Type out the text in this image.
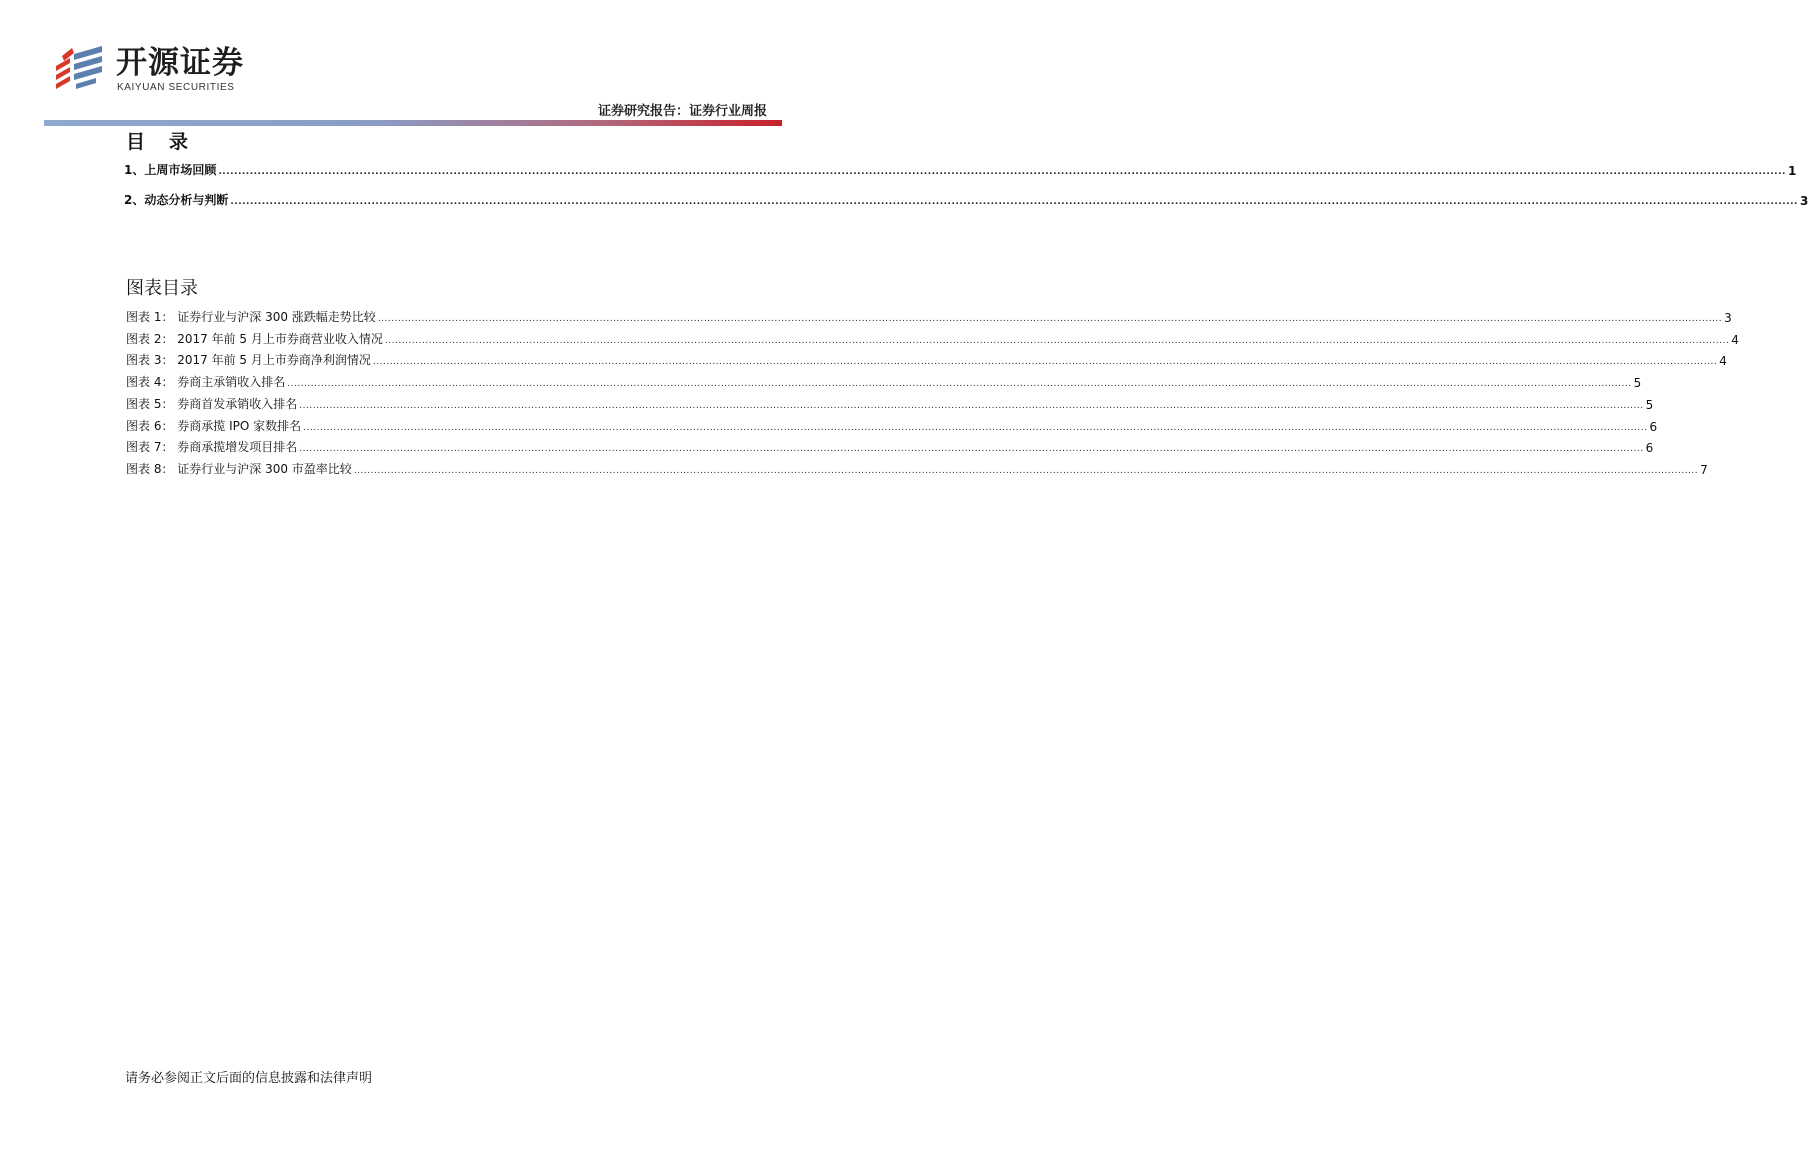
开源证券
KAIYUAN SECURITIES
证券研究报告：证券行业周报
目录
1、上周市场回顾 ................................................................................................................................................................................................................................................................................................................................................................................................................ 1
2、动态分析与判断 ................................................................................................................................................................................................................................................................................................................................................................................................................ 3
图表目录
图表 1： 证券行业与沪深 300 涨跌幅走势比较 ................................................................................................................................................................................................................................................................................................................................................................................................................ 3
图表 2： 2017 年前 5 月上市券商营业收入情况 ................................................................................................................................................................................................................................................................................................................................................................................................................ 4
图表 3： 2017 年前 5 月上市券商净利润情况 ................................................................................................................................................................................................................................................................................................................................................................................................................ 4
图表 4： 券商主承销收入排名 ................................................................................................................................................................................................................................................................................................................................................................................................................ 5
图表 5： 券商首发承销收入排名 ................................................................................................................................................................................................................................................................................................................................................................................................................ 5
图表 6： 券商承揽 IPO 家数排名 ................................................................................................................................................................................................................................................................................................................................................................................................................ 6
图表 7： 券商承揽增发项目排名 ................................................................................................................................................................................................................................................................................................................................................................................................................ 6
图表 8： 证券行业与沪深 300 市盈率比较 ................................................................................................................................................................................................................................................................................................................................................................................................................ 7
请务必参阅正文后面的信息披露和法律声明
